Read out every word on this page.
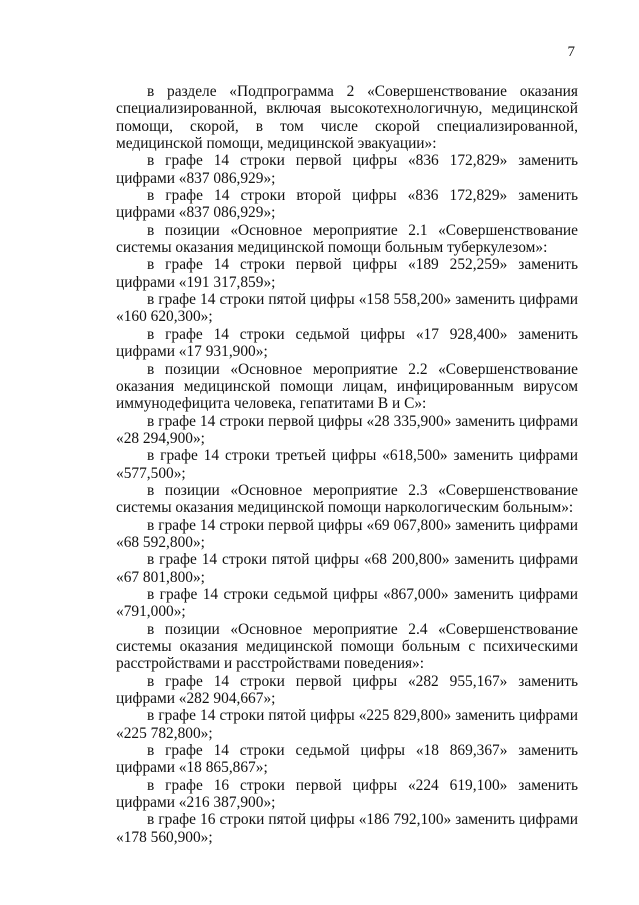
7

в разделе «Подпрограмма 2 «Совершенствование оказания специализированной, включая высокотехнологичную, медицинской помощи, скорой, в том числе скорой специализированной, медицинской помощи, медицинской эвакуации»:

в графе 14 строки первой цифры «836 172,829» заменить цифрами «837 086,929»;

в графе 14 строки второй цифры «836 172,829» заменить цифрами «837 086,929»;

в позиции «Основное мероприятие 2.1 «Совершенствование системы оказания медицинской помощи больным туберкулезом»:

в графе 14 строки первой цифры «189 252,259» заменить цифрами «191 317,859»;

в графе 14 строки пятой цифры «158 558,200» заменить цифрами «160 620,300»;

в графе 14 строки седьмой цифры «17 928,400» заменить цифрами «17 931,900»;

в позиции «Основное мероприятие 2.2 «Совершенствование оказания медицинской помощи лицам, инфицированным вирусом иммунодефицита человека, гепатитами B и C»:

в графе 14 строки первой цифры «28 335,900» заменить цифрами «28 294,900»;

в графе 14 строки третьей цифры «618,500» заменить цифрами «577,500»;

в позиции «Основное мероприятие 2.3 «Совершенствование системы оказания медицинской помощи наркологическим больным»:

в графе 14 строки первой цифры «69 067,800» заменить цифрами «68 592,800»;

в графе 14 строки пятой цифры «68 200,800» заменить цифрами «67 801,800»;

в графе 14 строки седьмой цифры «867,000» заменить цифрами «791,000»;

в позиции «Основное мероприятие 2.4 «Совершенствование системы оказания медицинской помощи больным с психическими расстройствами и расстройствами поведения»:

в графе 14 строки первой цифры «282 955,167» заменить цифрами «282 904,667»;

в графе 14 строки пятой цифры «225 829,800» заменить цифрами «225 782,800»;

в графе 14 строки седьмой цифры «18 869,367» заменить цифрами «18 865,867»;

в графе 16 строки первой цифры «224 619,100» заменить цифрами «216 387,900»;

в графе 16 строки пятой цифры «186 792,100» заменить цифрами «178 560,900»;
